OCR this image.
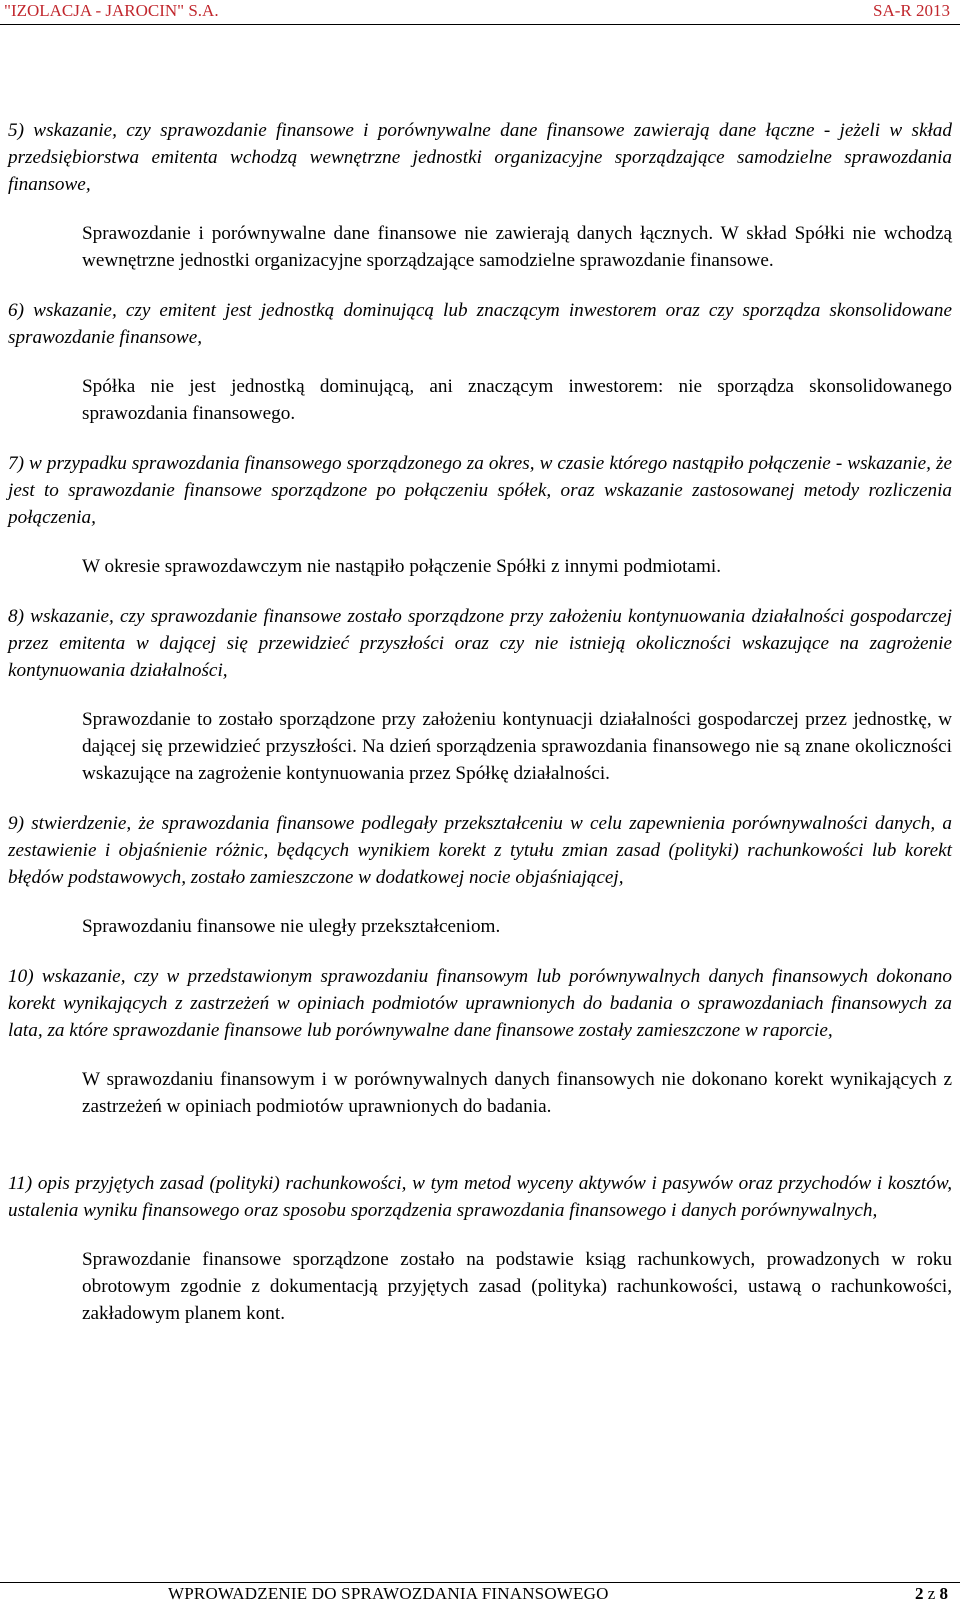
"IZOLACJA - JAROCIN" S.A.	SA-R 2013

5) wskazanie, czy sprawozdanie finansowe i porównywalne dane finansowe zawierają dane łączne - jeżeli w skład przedsiębiorstwa emitenta wchodzą wewnętrzne jednostki organizacyjne sporządzające samodzielne sprawozdania finansowe,

Sprawozdanie i porównywalne dane finansowe nie zawierają danych łącznych. W skład Spółki nie wchodzą wewnętrzne jednostki organizacyjne sporządzające samodzielne sprawozdanie finansowe.

6) wskazanie, czy emitent jest jednostką dominującą lub znaczącym inwestorem oraz czy sporządza skonsolidowane sprawozdanie finansowe,

Spółka nie jest jednostką dominującą, ani znaczącym inwestorem: nie sporządza skonsolidowanego sprawozdania finansowego.

7) w przypadku sprawozdania finansowego sporządzonego za okres, w czasie którego nastąpiło połączenie - wskazanie, że jest to sprawozdanie finansowe sporządzone po połączeniu spółek, oraz wskazanie zastosowanej metody rozliczenia połączenia,

W okresie sprawozdawczym nie nastąpiło połączenie Spółki z innymi podmiotami.

8) wskazanie, czy sprawozdanie finansowe zostało sporządzone przy założeniu kontynuowania działalności gospodarczej przez emitenta w dającej się przewidzieć przyszłości oraz czy nie istnieją okoliczności wskazujące na zagrożenie kontynuowania działalności,

Sprawozdanie to zostało sporządzone przy założeniu kontynuacji działalności gospodarczej przez jednostkę, w dającej się przewidzieć przyszłości. Na dzień sporządzenia sprawozdania finansowego nie są znane okoliczności wskazujące na zagrożenie kontynuowania przez Spółkę działalności.

9) stwierdzenie, że sprawozdania finansowe podlegały przekształceniu w celu zapewnienia porównywalności danych, a zestawienie i objaśnienie różnic, będących wynikiem korekt z tytułu zmian zasad (polityki) rachunkowości lub korekt błędów podstawowych, zostało zamieszczone w dodatkowej nocie objaśniającej,

Sprawozdaniu finansowe nie uległy przekształceniom.

10) wskazanie, czy w przedstawionym sprawozdaniu finansowym lub porównywalnych danych finansowych dokonano korekt wynikających z zastrzeżeń w opiniach podmiotów uprawnionych do badania o sprawozdaniach finansowych za lata, za które sprawozdanie finansowe lub porównywalne dane finansowe zostały zamieszczone w raporcie,

W sprawozdaniu finansowym i w porównywalnych danych finansowych nie dokonano korekt wynikających z zastrzeżeń w opiniach podmiotów uprawnionych do badania.

11) opis przyjętych zasad (polityki) rachunkowości, w tym metod wyceny aktywów i pasywów oraz przychodów i kosztów, ustalenia wyniku finansowego oraz sposobu sporządzenia sprawozdania finansowego i danych porównywalnych,

Sprawozdanie finansowe sporządzone zostało na podstawie ksiąg rachunkowych, prowadzonych w roku obrotowym zgodnie z dokumentacją przyjętych zasad (polityka) rachunkowości, ustawą o rachunkowości, zakładowym planem kont.

WPROWADZENIE DO SPRAWOZDANIA FINANSOWEGO	2 z 8
